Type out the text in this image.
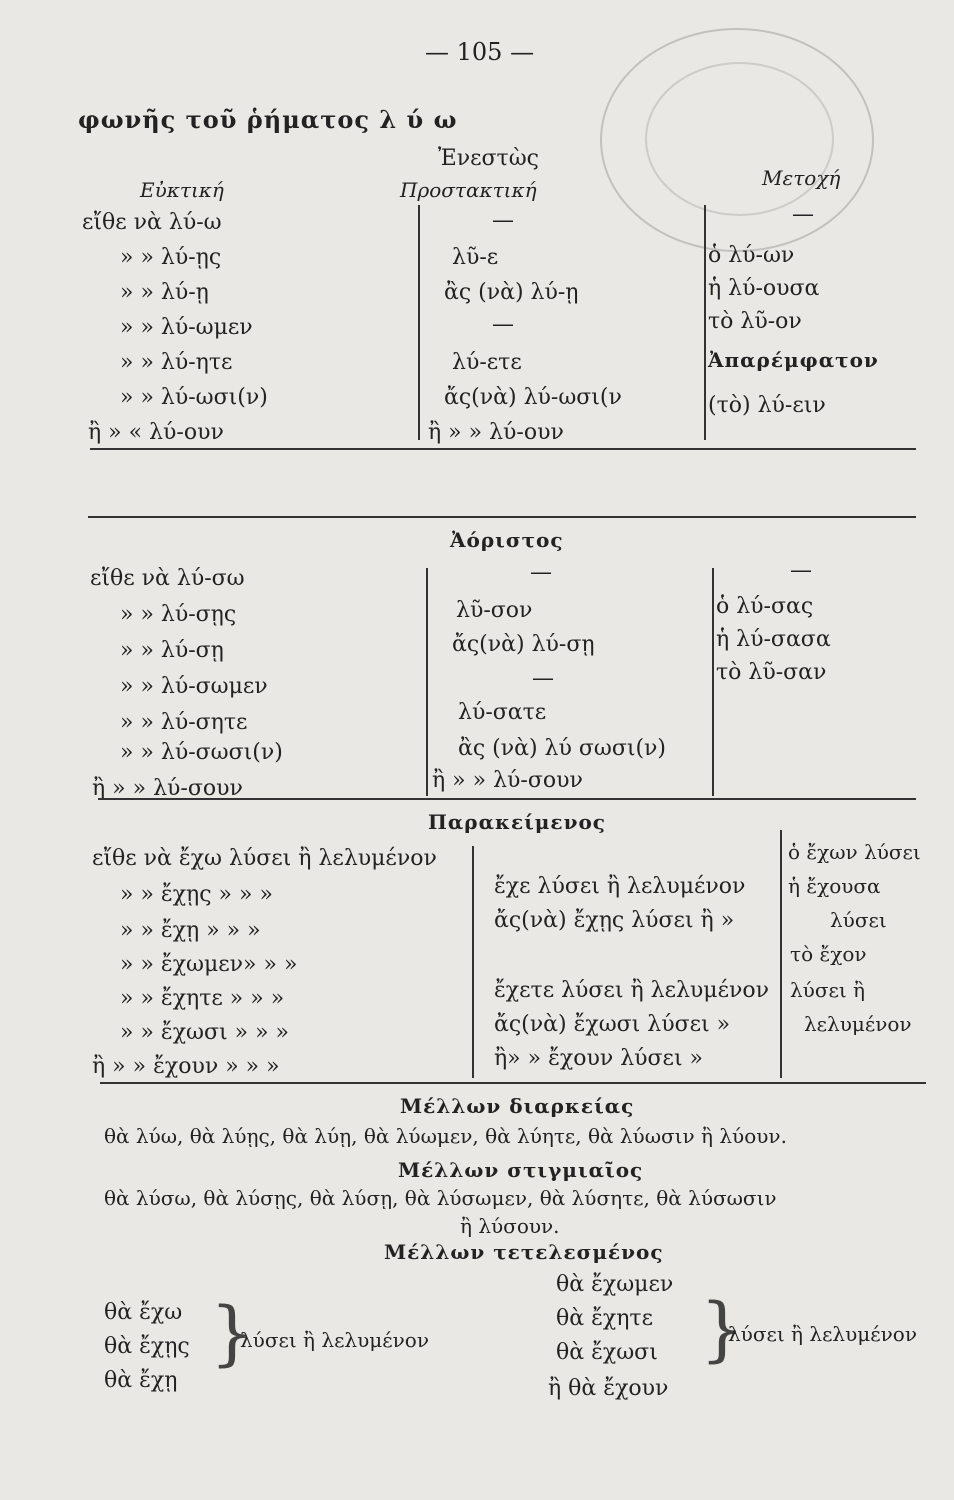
— 105 —
φωνῆς τοῦ ῥήματος λ ύ ω
Ἐνεστὼς
Εὐκτική	Προστακτική	Μετοχή
εἴθε νὰ λύ-ω
» » λύ-ῃς
» » λύ-ῃ
» » λύ-ωμεν
» » λύ-ητε
» » λύ-ωσι(ν)
ἢ » « λύ-ουν
—
λῦ-ε
ἂς (νὰ) λύ-ῃ
—
λύ-ετε
ἄς(νὰ) λύ-ωσι(ν
ἢ » » λύ-ουν
—
ὁ λύ-ων
ἡ λύ-ουσα
τὸ λῦ-ον
Ἀπαρέμφατον
(τὸ) λύ-ειν
Ἀόριστος
εἴθε νὰ λύ-σω
» » λύ-σῃς
» » λύ-σῃ
» » λύ-σωμεν
» » λύ-σητε
» » λύ-σωσι(ν)
ἢ » » λύ-σουν
—
λῦ-σον
ἄς(νὰ) λύ-σῃ
—
λύ-σατε
ἂς (νὰ) λύ σωσι(ν)
ἢ » » λύ-σουν
—
ὁ λύ-σας
ἡ λύ-σασα
τὸ λῦ-σαν
Παρακείμενος
εἴθε νὰ ἔχω λύσει ἢ λελυμένον
» » ἔχῃς » » »
» » ἔχῃ » » »
» » ἔχωμεν» » »
» » ἔχητε » » »
» » ἔχωσι » » »
ἢ » » ἔχουν » » »
ἔχε λύσει ἢ λελυμένον
ἄς(νὰ) ἔχῃς λύσει ἢ »
ἔχετε λύσει ἢ λελυμένον
ἄς(νὰ) ἔχωσι λύσει »
ἢ» » ἔχουν λύσει »
ὁ ἔχων λύσει
ἡ ἔχουσα
λύσει
τὸ ἔχον
λύσει ἢ
λελυμένον
Μέλλων διαρκείας
θὰ λύω, θὰ λύῃς, θὰ λύῃ, θὰ λύωμεν, θὰ λύητε, θὰ λύωσιν ἢ λύουν.
Μέλλων στιγμιαῖος
θὰ λύσω, θὰ λύσῃς, θὰ λύσῃ, θὰ λύσωμεν, θὰ λύσητε, θὰ λύσωσιν
ἢ λύσουν.
Μέλλων τετελεσμένος
θὰ ἔχω
θὰ ἔχῃς
θὰ ἔχῃ
}
λύσει ἢ λελυμένον
θὰ ἔχωμεν
θὰ ἔχητε
θὰ ἔχωσι
ἢ θὰ ἔχουν
}
λύσει ἢ λελυμένον
